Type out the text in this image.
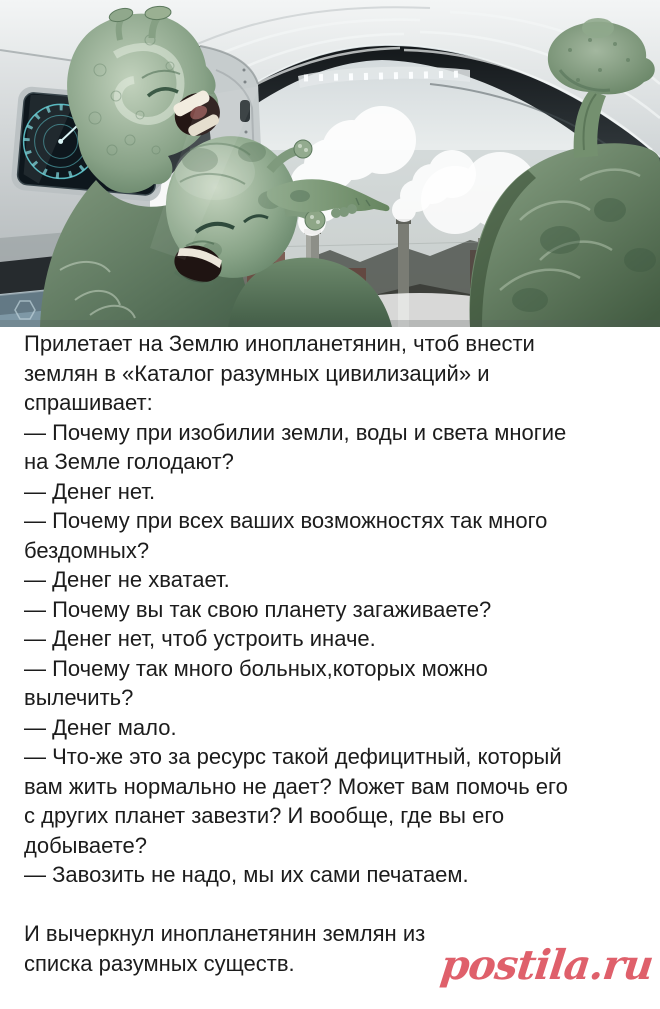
Прилетает на Землю инопланетянин, чтоб внести
землян в «Каталог разумных цивилизаций» и
спрашивает:
— Почему при изобилии земли, воды и света многие
на Земле голодают?
— Денег нет.
— Почему при всех ваших возможностях так много
бездомных?
— Денег не хватает.
— Почему вы так свою планету загаживаете?
— Денег нет, чтоб устроить иначе.
— Почему так много больных,которых можно
вылечить?
— Денег мало.
— Что-же это за ресурс такой дефицитный, который
вам жить нормально не дает? Может вам помочь его
с других планет завезти? И вообще, где вы его
добываете?
— Завозить не надо, мы их сами печатаем.
И вычеркнул инопланетянин землян из
списка разумных существ.	postila.ru
